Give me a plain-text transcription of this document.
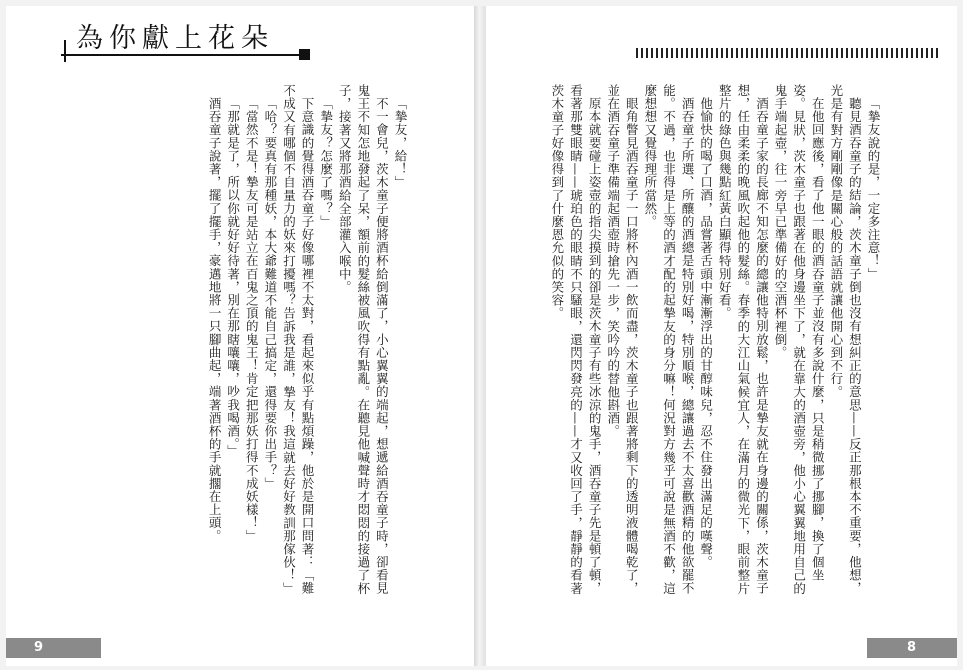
為你獻上花朵

「摯友，給！」

不一會兒，茨木童子便將酒杯給倒滿了，小心翼翼的端起，想遞給酒吞童子時，卻看見鬼王不知怎地發起了呆，額前的髮絲被風吹得有點亂。在聽見他喊聲時才悶悶的接過了杯子，接著又將那酒給全部灌入喉中。

「摯友？怎麼了嗎？」

下意識的覺得酒吞童子好像哪裡不太對，看起來似乎有點煩躁，他於是開口問著：「難不成又有哪個不自量力的妖來打擾嗎？告訴我是誰，摯友！我這就去好好教訓那傢伙！」

「哈？要真有那種妖，本大爺難道不能自己搞定，還得要你出手？」

「當然不是！摯友可是站立在百鬼之頂的鬼王！肯定把那妖打得不成妖樣！」

「那就是了，所以你就好好待著，別在那瞎嚷嚷，吵我喝酒。」

酒吞童子說著，擺了擺手，豪邁地將一只腳曲起，端著酒杯的手就擱在上頭。

9

「摯友說的是，一定多注意！」

聽見酒吞童子的結論，茨木童子倒也沒有想糾正的意思——反正那根本不重要，他想，光是有對方剛剛像是關心般的話語就讓他開心到不行。

在他回應後，看了他一眼的酒吞童子並沒有多說什麼，只是稍微挪了挪腳，換了個坐姿。見狀，茨木童子也跟著在他身邊坐下了，就在靠大的酒壺旁，他小心翼翼地用自己的鬼手端起壺，往一旁早已準備好的空酒杯裡倒。

酒吞童子家的長廊不知怎麼的總讓他特別放鬆，也許是摯友就在身邊的關係，茨木童子想，任由柔柔的晚風吹起他的髮絲。春季的大江山氣候宜人，在滿月的微光下，眼前整片整片的綠色與幾點紅黃白顯得特別好看。

他愉快的喝了口酒，品嘗著舌頭中漸漸浮出的甘醇味兒，忍不住發出滿足的嘆聲。

酒吞童子所選、所釀的酒總是特別好喝，特別順喉，總讓過去不太喜歡酒精的他欲罷不能。不過，也非得是上等的酒才配的起摯友的身分嘛！何況對方幾乎可說是無酒不歡，這麼想想又覺得理所當然。

眼角瞥見酒吞童子一口將杯內酒一飲而盡，茨木童子也跟著將剩下的透明液體喝乾了，並在酒吞童子準備端起酒壺時搶先一步，笑吟吟的替他斟酒。

原本就要碰上姿壺的指尖摸到的卻是茨木童子有些冰涼的鬼手，酒吞童子先是頓了頓，看著那雙眼睛——琥珀色的眼睛不只騷眼，還閃閃發亮的——才又收回了手，靜靜的看著茨木童子好像得到了什麼恩允似的笑容。

8
